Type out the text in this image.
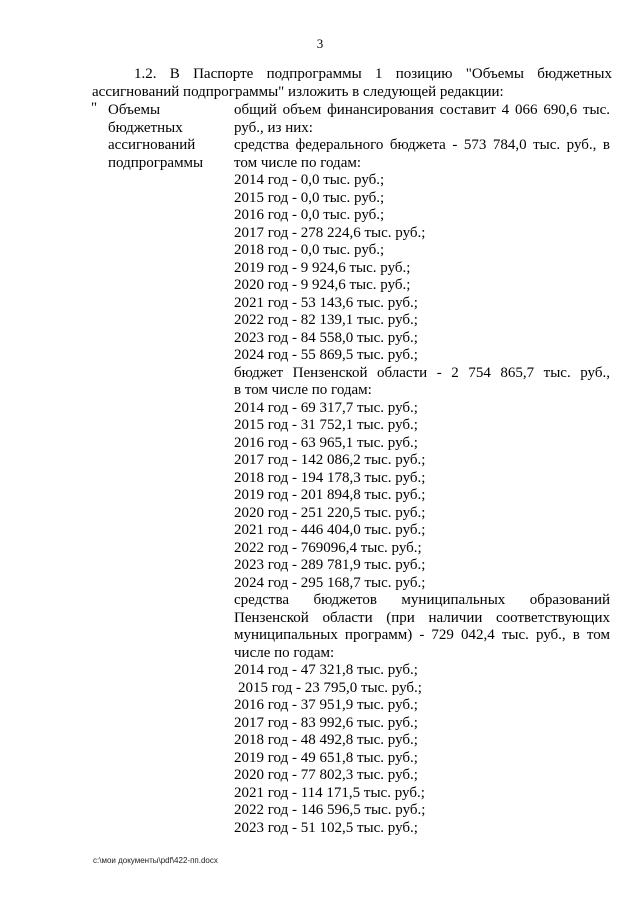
3
1.2. В Паспорте подпрограммы 1 позицию "Объемы бюджетных
ассигнований подпрограммы" изложить в следующей редакции:
" Объемы
бюджетных
ассигнований
подпрограммы
общий объем финансирования составит 4 066 690,6 тыс.
руб., из них:
средства федерального бюджета - 573 784,0 тыс. руб., в
том числе по годам:
2014 год - 0,0 тыс. руб.;
2015 год - 0,0 тыс. руб.;
2016 год - 0,0 тыс. руб.;
2017 год - 278 224,6 тыс. руб.;
2018 год - 0,0 тыс. руб.;
2019 год - 9 924,6 тыс. руб.;
2020 год - 9 924,6 тыс. руб.;
2021 год - 53 143,6 тыс. руб.;
2022 год - 82 139,1 тыс. руб.;
2023 год - 84 558,0 тыс. руб.;
2024 год - 55 869,5 тыс. руб.;
бюджет Пензенской области - 2 754 865,7 тыс. руб.,
в том числе по годам:
2014 год - 69 317,7 тыс. руб.;
2015 год - 31 752,1 тыс. руб.;
2016 год - 63 965,1 тыс. руб.;
2017 год - 142 086,2 тыс. руб.;
2018 год - 194 178,3 тыс. руб.;
2019 год - 201 894,8 тыс. руб.;
2020 год - 251 220,5 тыс. руб.;
2021 год - 446 404,0 тыс. руб.;
2022 год - 769096,4 тыс. руб.;
2023 год - 289 781,9 тыс. руб.;
2024 год - 295 168,7 тыс. руб.;
средства бюджетов муниципальных образований
Пензенской области (при наличии соответствующих
муниципальных программ) - 729 042,4 тыс. руб., в том
числе по годам:
2014 год - 47 321,8 тыс. руб.;
2015 год - 23 795,0 тыс. руб.;
2016 год - 37 951,9 тыс. руб.;
2017 год - 83 992,6 тыс. руб.;
2018 год - 48 492,8 тыс. руб.;
2019 год - 49 651,8 тыс. руб.;
2020 год - 77 802,3 тыс. руб.;
2021 год - 114 171,5 тыс. руб.;
2022 год - 146 596,5 тыс. руб.;
2023 год - 51 102,5 тыс. руб.;
c:\мои документы\pdf\422-пп.docx
